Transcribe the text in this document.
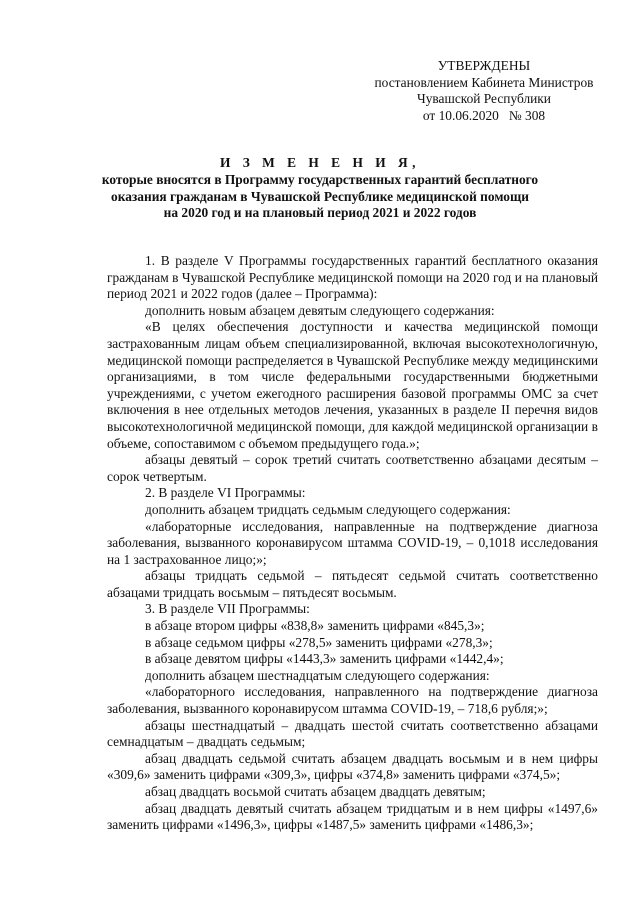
УТВЕРЖДЕНЫ
постановлением Кабинета Министров
Чувашской Республики
от 10.06.2020   № 308
И З М Е Н Е Н И Я,
которые вносятся в Программу государственных гарантий бесплатного
оказания гражданам в Чувашской Республике медицинской помощи
на 2020 год и на плановый период 2021 и 2022 годов

1. В разделе V Программы государственных гарантий бесплатного оказания гражданам в Чувашской Республике медицинской помощи на 2020 год и на плановый период 2021 и 2022 годов (далее – Программа):

дополнить новым абзацем девятым следующего содержания:

«В целях обеспечения доступности и качества медицинской помощи застрахованным лицам объем специализированной, включая высокотехнологичную, медицинской помощи распределяется в Чувашской Республике между медицинскими организациями, в том числе федеральными государственными бюджетными учреждениями, с учетом ежегодного расширения базовой программы ОМС за счет включения в нее отдельных методов лечения, указанных в разделе II перечня видов высокотехнологичной медицинской помощи, для каждой медицинской организации в объеме, сопоставимом с объемом предыдущего года.»;

абзацы девятый – сорок третий считать соответственно абзацами десятым – сорок четвертым.

2. В разделе VI Программы:

дополнить абзацем тридцать седьмым следующего содержания:

«лабораторные исследования, направленные на подтверждение диагноза заболевания, вызванного коронавирусом штамма COVID-19, – 0,1018 исследования на 1 застрахованное лицо;»;

абзацы тридцать седьмой – пятьдесят седьмой считать соответственно абзацами тридцать восьмым – пятьдесят восьмым.

3. В разделе VII Программы:

в абзаце втором цифры «838,8» заменить цифрами «845,3»;

в абзаце седьмом цифры «278,5» заменить цифрами «278,3»;

в абзаце девятом цифры «1443,3» заменить цифрами «1442,4»;

дополнить абзацем шестнадцатым следующего содержания:

«лабораторного исследования, направленного на подтверждение диагноза заболевания, вызванного коронавирусом штамма COVID-19, – 718,6 рубля;»;

абзацы шестнадцатый – двадцать шестой считать соответственно абзацами семнадцатым – двадцать седьмым;

абзац двадцать седьмой считать абзацем двадцать восьмым и в нем цифры «309,6» заменить цифрами «309,3», цифры «374,8» заменить цифрами «374,5»;

абзац двадцать восьмой считать абзацем двадцать девятым;

абзац двадцать девятый считать абзацем тридцатым и в нем цифры «1497,6» заменить цифрами «1496,3», цифры «1487,5» заменить цифрами «1486,3»;
